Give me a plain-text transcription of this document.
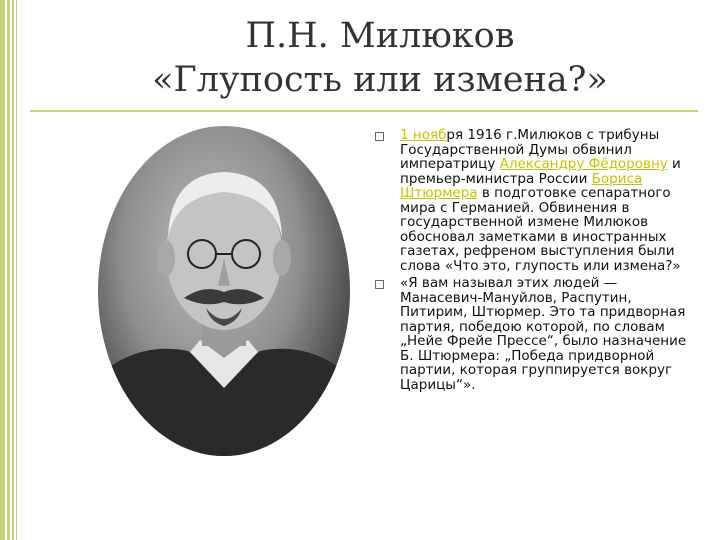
П.Н. Милюков
«Глупость или измена?»
1 ноября 1916 г.Милюков с трибуны Государственной Думы обвинил императрицу Александру Фёдоровну и премьер-министра России Бориса Штюрмера в подготовке сепаратного мира с Германией. Обвинения в государственной измене Милюков обосновал заметками в иностранных газетах, рефреном выступления были слова «Что это, глупость или измена?»
«Я вам называл этих людей — Манасевич-Мануйлов, Распутин, Питирим, Штюрмер. Это та придворная партия, победою которой, по словам „Нейе Фрейе Прессе“, было назначение Б. Штюрмера: „Победа придворной партии, которая группируется вокруг Царицы“».
